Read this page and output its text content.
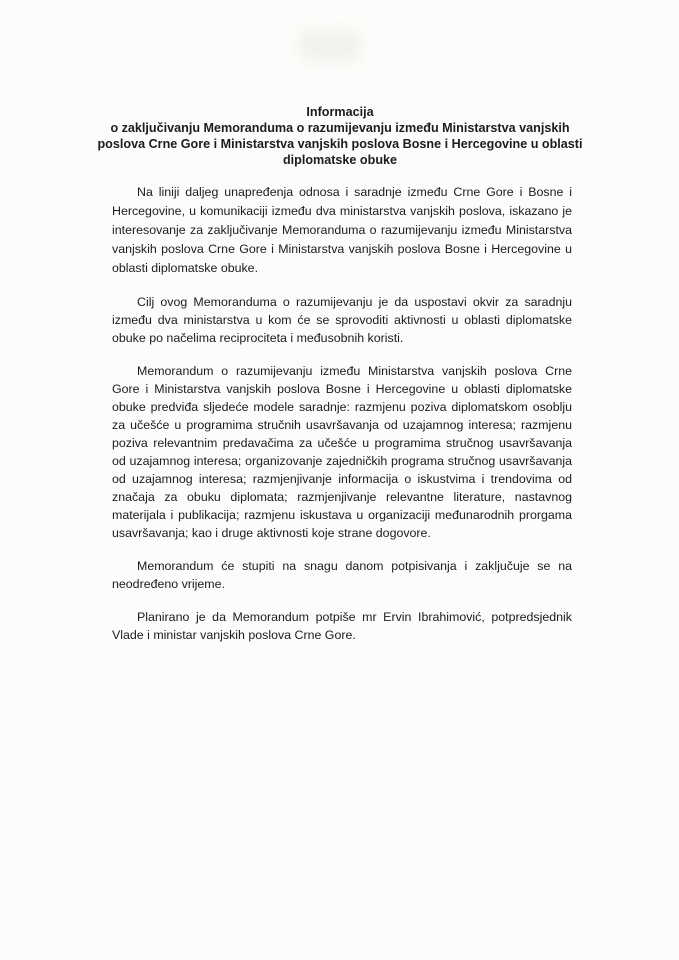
Informacija
o zaključivanju Memoranduma o razumijevanju između Ministarstva vanjskih poslova Crne Gore i Ministarstva vanjskih poslova Bosne i Hercegovine u oblasti diplomatske obuke

Na liniji daljeg unapređenja odnosa i saradnje između Crne Gore i Bosne i Hercegovine, u komunikaciji između dva ministarstva vanjskih poslova, iskazano je interesovanje za zaključivanje Memoranduma o razumijevanju između Ministarstva vanjskih poslova Crne Gore i Ministarstva vanjskih poslova Bosne i Hercegovine u oblasti diplomatske obuke.

Cilj ovog Memoranduma o razumijevanju je da uspostavi okvir za saradnju između dva ministarstva u kom će se sprovoditi aktivnosti u oblasti diplomatske obuke po načelima reciprociteta i međusobnih koristi.

Memorandum o razumijevanju između Ministarstva vanjskih poslova Crne Gore i Ministarstva vanjskih poslova Bosne i Hercegovine u oblasti diplomatske obuke predviđa sljedeće modele saradnje: razmjenu poziva diplomatskom osoblju za učešće u programima stručnih usavršavanja od uzajamnog interesa; razmjenu poziva relevantnim predavačima za učešće u programima stručnog usavršavanja od uzajamnog interesa; organizovanje zajedničkih programa stručnog usavršavanja od uzajamnog interesa; razmjenjivanje informacija o iskustvima i trendovima od značaja za obuku diplomata; razmjenjivanje relevantne literature, nastavnog materijala i publikacija; razmjenu iskustava u organizaciji međunarodnih prorgama usavršavanja; kao i druge aktivnosti koje strane dogovore.

Memorandum će stupiti na snagu danom potpisivanja i zaključuje se na neodređeno vrijeme.

Planirano je da Memorandum potpiše mr Ervin Ibrahimović, potpredsjednik Vlade i ministar vanjskih poslova Crne Gore.
